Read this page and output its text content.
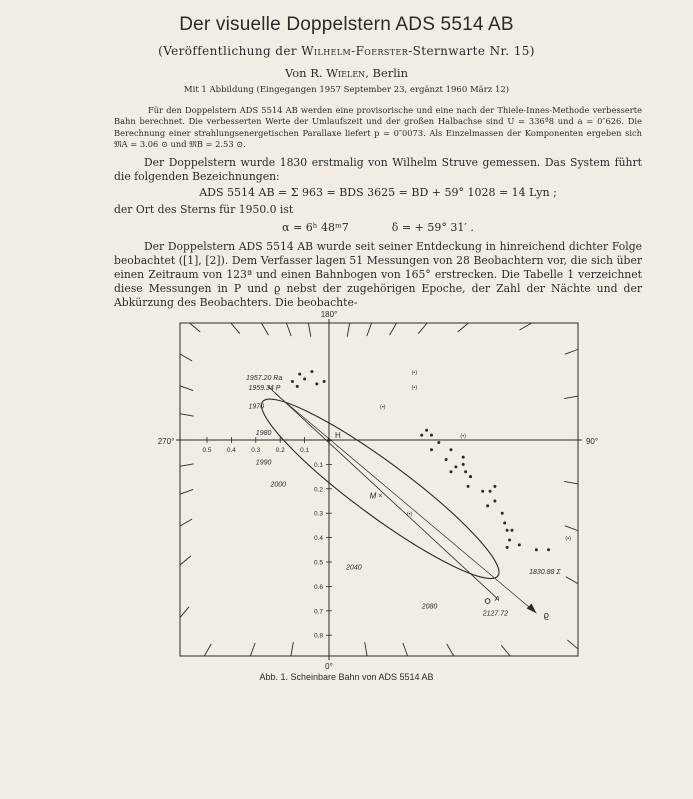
Der visuelle Doppelstern ADS 5514 AB
(Veröffentlichung der Wilhelm-Foerster-Sternwarte Nr. 15)
Von R. Wielen, Berlin
Mit 1 Abbildung (Eingegangen 1957 September 23, ergänzt 1960 März 12)
Für den Doppelstern ADS 5514 AB werden eine provisorische und eine nach der Thiele-Innes-Methode verbesserte Bahn berechnet. Die verbesserten Werte der Umlaufszeit und der großen Halbachse sind U = 336ª8 und a = 0″626. Die Berechnung einer strahlungsenergetischen Parallaxe liefert p = 0″0073. Als Einzelmassen der Komponenten ergeben sich 𝔐A = 3.06 ⊙ und 𝔐B = 2.53 ⊙.
Der Doppelstern wurde 1830 erstmalig von Wilhelm Struve gemessen. Das System führt die folgenden Bezeichnungen:
ADS 5514 AB = Σ 963 = BDS 3625 = BD + 59° 1028 = 14 Lyn ;
der Ort des Sterns für 1950.0 ist
α = 6ʰ 48ᵐ7	δ = + 59° 31′ .
Der Doppelstern ADS 5514 AB wurde seit seiner Entdeckung in hinreichend dichter Folge beobachtet ([1], [2]). Dem Verfasser lagen 51 Messungen von 28 Beobachtern vor, die sich über einen Zeitraum von 123ª und einen Bahnbogen von 165° erstrecken. Die Tabelle 1 verzeichnet diese Messungen in P und ϱ nebst der zugehörigen Epoche, der Zahl der Nächte und der Abkürzung des Beobachters. Die beobachte-
180°
90°
0°
270°
0.5 0.4 0.3 0.2 0.1
0.1
0.2
0.3
0.4
0.5
0.6
0.7
0.8
ϱ
H
M ×
(•)
(•)
(•)
(•)
(•)
(•)
1957.20 Ra
1959.34 P
1970
1980
1990
2000
2040
2080
1830.88 Σ
A
2127.72
Abb. 1. Scheinbare Bahn von ADS 5514 AB
